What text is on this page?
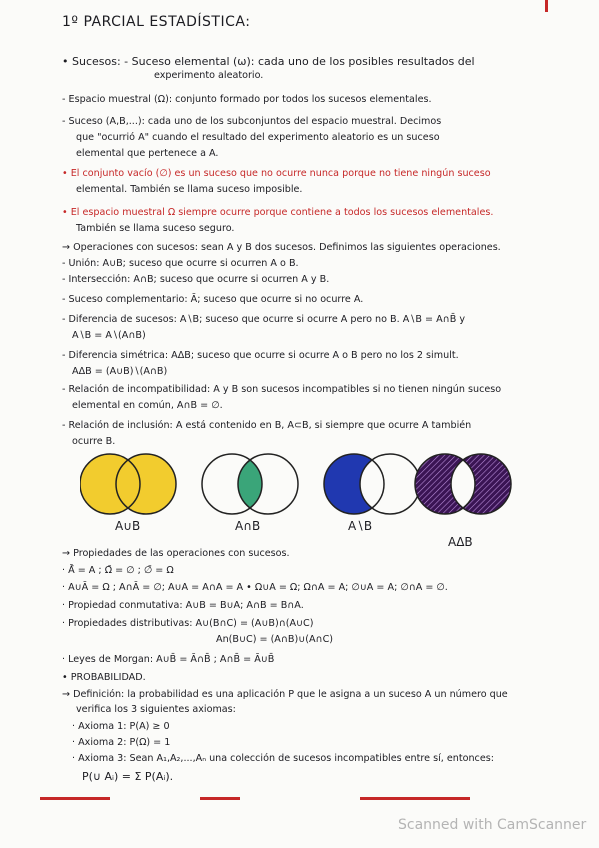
1º PARCIAL ESTADÍSTICA:
• Sucesos: - Suceso elemental (ω): cada uno de los posibles resultados del
experimento aleatorio.
- Espacio muestral (Ω): conjunto formado por todos los sucesos elementales.
- Suceso (A,B,...): cada uno de los subconjuntos del espacio muestral. Decimos
que "ocurrió A" cuando el resultado del experimento aleatorio es un suceso
elemental que pertenece a A.
• El conjunto vacío (∅) es un suceso que no ocurre nunca porque no tiene ningún suceso
elemental. También se llama suceso imposible.
• El espacio muestral Ω siempre ocurre porque contiene a todos los sucesos elementales.
También se llama suceso seguro.
→ Operaciones con sucesos: sean A y B dos sucesos. Definimos las siguientes operaciones.
- Unión: A∪B; suceso que ocurre si ocurren A o B.
- Intersección: A∩B; suceso que ocurre si ocurren A y B.
- Suceso complementario: Ā; suceso que ocurre si no ocurre A.
- Diferencia de sucesos: A∖B; suceso que ocurre si ocurre A pero no B. A∖B = A∩B̄ y
A∖B = A∖(A∩B)
- Diferencia simétrica: AΔB; suceso que ocurre si ocurre A o B pero no los 2 simult.
AΔB = (A∪B)∖(A∩B)
- Relación de incompatibilidad: A y B son sucesos incompatibles si no tienen ningún suceso
elemental en común, A∩B = ∅.
- Relación de inclusión: A está contenido en B, A⊂B, si siempre que ocurre A también
ocurre B.
A∪B	A∩B	A∖B
AΔB
→ Propiedades de las operaciones con sucesos.
· Ā̄ = A ; Ω̄ = ∅ ; ∅̄ = Ω
· A∪Ā = Ω ; A∩Ā = ∅; A∪A = A∩A = A • Ω∪A = Ω; Ω∩A = A; ∅∪A = A; ∅∩A = ∅.
· Propiedad conmutativa: A∪B = B∪A; A∩B = B∩A.
· Propiedades distributivas: A∪(B∩C) = (A∪B)∩(A∪C)
An(B∪C) = (A∩B)∪(A∩C)
· Leyes de Morgan: A∪B̄ = Ā∩B̄ ; A∩B̄ = Ā∪B̄
• PROBABILIDAD.
→ Definición: la probabilidad es una aplicación P que le asigna a un suceso A un número que
verifica los 3 siguientes axiomas:
· Axioma 1: P(A) ≥ 0
· Axioma 2: P(Ω) = 1
· Axioma 3: Sean A₁,A₂,...,Aₙ una colección de sucesos incompatibles entre sí, entonces:
P(∪ Aᵢ) = Σ P(Aᵢ).
Scanned with CamScanner
